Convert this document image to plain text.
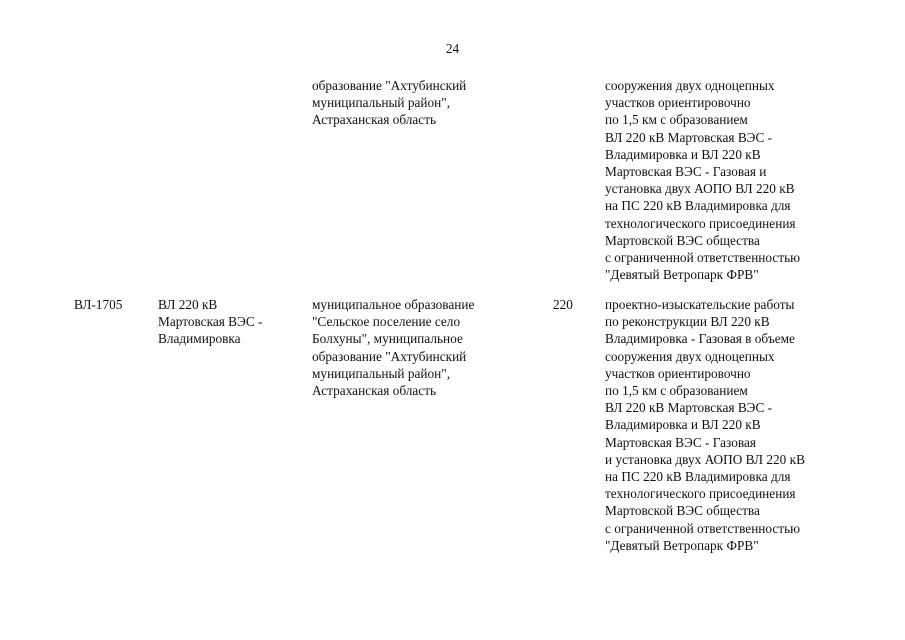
24
образование "Ахтубинский
муниципальный район",
Астраханская область
сооружения двух одноцепных
участков ориентировочно
по 1,5 км с образованием
ВЛ 220 кВ Мартовская ВЭС -
Владимировка и ВЛ 220 кВ
Мартовская ВЭС - Газовая и
установка двух АОПО ВЛ 220 кВ
на ПС 220 кВ Владимировка для
технологического присоединения
Мартовской ВЭС общества
с ограниченной ответственностью
"Девятый Ветропарк ФРВ"
ВЛ-1705	ВЛ 220 кВ
Мартовская ВЭС -
Владимировка
муниципальное образование
"Сельское поселение село
Болхуны", муниципальное
образование "Ахтубинский
муниципальный район",
Астраханская область
220	проектно-изыскательские работы
по реконструкции ВЛ 220 кВ
Владимировка - Газовая в объеме
сооружения двух одноцепных
участков ориентировочно
по 1,5 км с образованием
ВЛ 220 кВ Мартовская ВЭС -
Владимировка и ВЛ 220 кВ
Мартовская ВЭС - Газовая
и установка двух АОПО ВЛ 220 кВ
на ПС 220 кВ Владимировка для
технологического присоединения
Мартовской ВЭС общества
с ограниченной ответственностью
"Девятый Ветропарк ФРВ"
